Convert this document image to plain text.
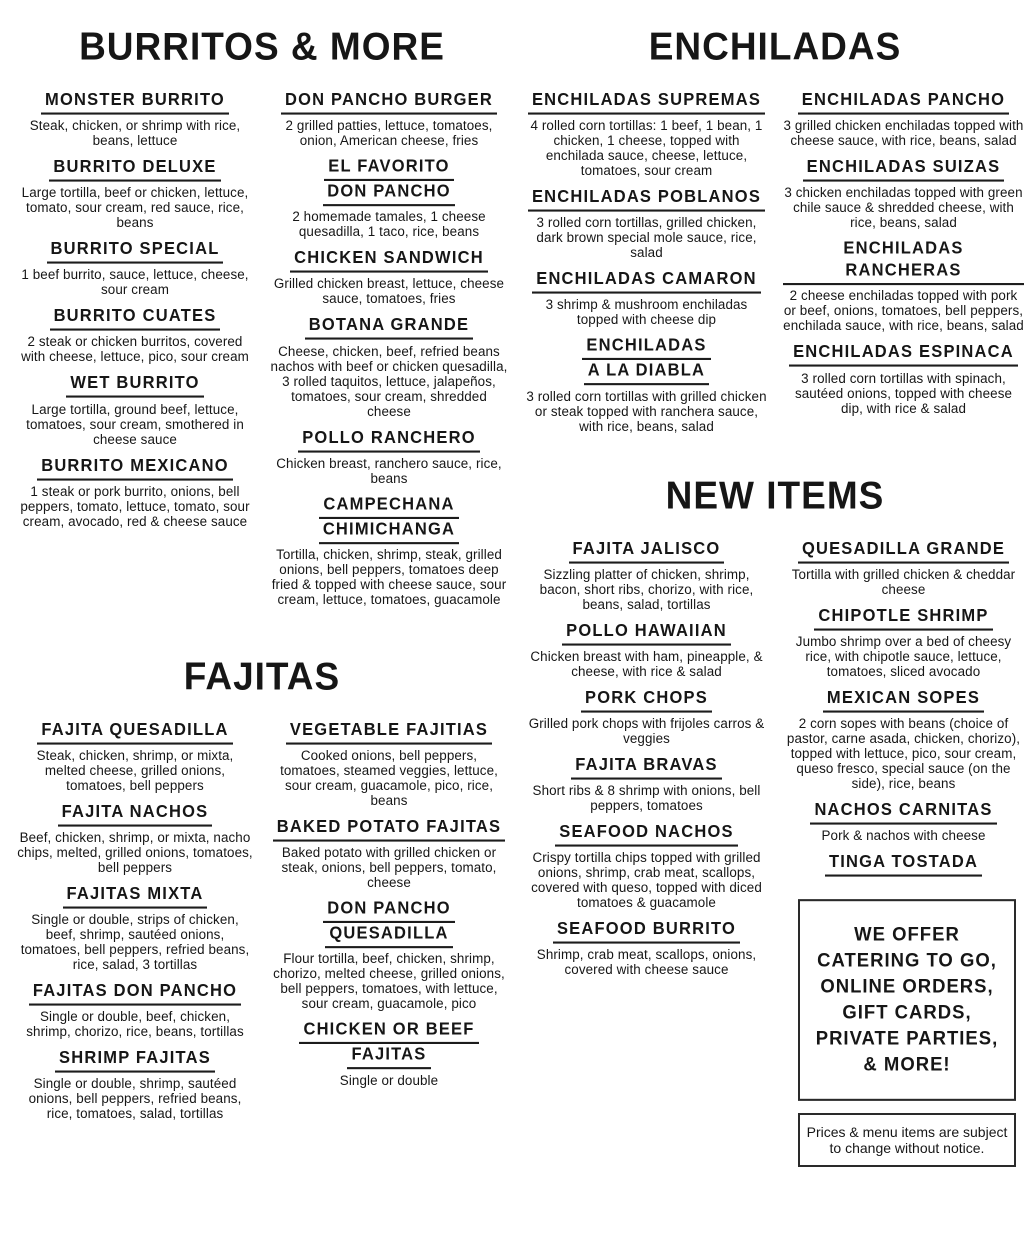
BURRITOS & MORE
MONSTER BURRITO

Steak, chicken, or shrimp with rice, beans, lettuce

BURRITO DELUXE

Large tortilla, beef or chicken, lettuce, tomato, sour cream, red sauce, rice, beans

BURRITO SPECIAL

1 beef burrito, sauce, lettuce, cheese, sour cream

BURRITO CUATES

2 steak or chicken burritos, covered with cheese, lettuce, pico, sour cream

WET BURRITO

Large tortilla, ground beef, lettuce, tomatoes, sour cream, smothered in cheese sauce

BURRITO MEXICANO

1 steak or pork burrito, onions, bell peppers, tomato, lettuce, tomato, sour cream, avocado, red & cheese sauce

DON PANCHO BURGER

2 grilled patties, lettuce, tomatoes, onion, American cheese, fries

EL FAVORITO
DON PANCHO

2 homemade tamales, 1 cheese quesadilla, 1 taco, rice, beans

CHICKEN SANDWICH

Grilled chicken breast, lettuce, cheese sauce, tomatoes, fries

BOTANA GRANDE

Cheese, chicken, beef, refried beans nachos with beef or chicken quesadilla, 3 rolled taquitos, lettuce, jalapeños, tomatoes, sour cream, shredded cheese

POLLO RANCHERO

Chicken breast, ranchero sauce, rice, beans

CAMPECHANA
CHIMICHANGA

Tortilla, chicken, shrimp, steak, grilled onions, bell peppers, tomatoes deep fried & topped with cheese sauce, sour cream, lettuce, tomatoes, guacamole

FAJITAS
FAJITA QUESADILLA

Steak, chicken, shrimp, or mixta, melted cheese, grilled onions, tomatoes, bell peppers

FAJITA NACHOS

Beef, chicken, shrimp, or mixta, nacho chips, melted, grilled onions, tomatoes, bell peppers

FAJITAS MIXTA

Single or double, strips of chicken, beef, shrimp, sautéed onions, tomatoes, bell peppers, refried beans, rice, salad, 3 tortillas

FAJITAS DON PANCHO

Single or double, beef, chicken, shrimp, chorizo, rice, beans, tortillas

SHRIMP FAJITAS

Single or double, shrimp, sautéed onions, bell peppers, refried beans, rice, tomatoes, salad, tortillas

VEGETABLE FAJITIAS

Cooked onions, bell peppers, tomatoes, steamed veggies, lettuce, sour cream, guacamole, pico, rice, beans

BAKED POTATO FAJITAS

Baked potato with grilled chicken or steak, onions, bell peppers, tomato, cheese

DON PANCHO
QUESADILLA

Flour tortilla, beef, chicken, shrimp, chorizo, melted cheese, grilled onions, bell peppers, tomatoes, with lettuce, sour cream, guacamole, pico

CHICKEN OR BEEF
FAJITAS

Single or double

ENCHILADAS
ENCHILADAS SUPREMAS

4 rolled corn tortillas: 1 beef, 1 bean, 1 chicken, 1 cheese, topped with enchilada sauce, cheese, lettuce, tomatoes, sour cream

ENCHILADAS POBLANOS

3 rolled corn tortillas, grilled chicken, dark brown special mole sauce, rice, salad

ENCHILADAS CAMARON

3 shrimp & mushroom enchiladas topped with cheese dip

ENCHILADAS
A LA DIABLA

3 rolled corn tortillas with grilled chicken or steak topped with ranchera sauce, with rice, beans, salad

ENCHILADAS PANCHO

3 grilled chicken enchiladas topped with cheese sauce, with rice, beans, salad

ENCHILADAS SUIZAS

3 chicken enchiladas topped with green chile sauce & shredded cheese, with rice, beans, salad

ENCHILADAS RANCHERAS

2 cheese enchiladas topped with pork or beef, onions, tomatoes, bell peppers, enchilada sauce, with rice, beans, salad

ENCHILADAS ESPINACA

3 rolled corn tortillas with spinach, sautéed onions, topped with cheese dip, with rice & salad

NEW ITEMS
FAJITA JALISCO

Sizzling platter of chicken, shrimp, bacon, short ribs, chorizo, with rice, beans, salad, tortillas

POLLO HAWAIIAN

Chicken breast with ham, pineapple, & cheese, with rice & salad

PORK CHOPS

Grilled pork chops with frijoles carros & veggies

FAJITA BRAVAS

Short ribs & 8 shrimp with onions, bell peppers, tomatoes

SEAFOOD NACHOS

Crispy tortilla chips topped with grilled onions, shrimp, crab meat, scallops, covered with queso, topped with diced tomatoes & guacamole

SEAFOOD BURRITO

Shrimp, crab meat, scallops, onions, covered with cheese sauce

QUESADILLA GRANDE

Tortilla with grilled chicken & cheddar cheese

CHIPOTLE SHRIMP

Jumbo shrimp over a bed of cheesy rice, with chipotle sauce, lettuce, tomatoes, sliced avocado

MEXICAN SOPES

2 corn sopes with beans (choice of pastor, carne asada, chicken, chorizo), topped with lettuce, pico, sour cream, queso fresco, special sauce (on the side), rice, beans

NACHOS CARNITAS

Pork & nachos with cheese

TINGA TOSTADA
WE OFFER CATERING TO GO, ONLINE ORDERS, GIFT CARDS, PRIVATE PARTIES, & MORE!
Prices & menu items are subject to change without notice.
